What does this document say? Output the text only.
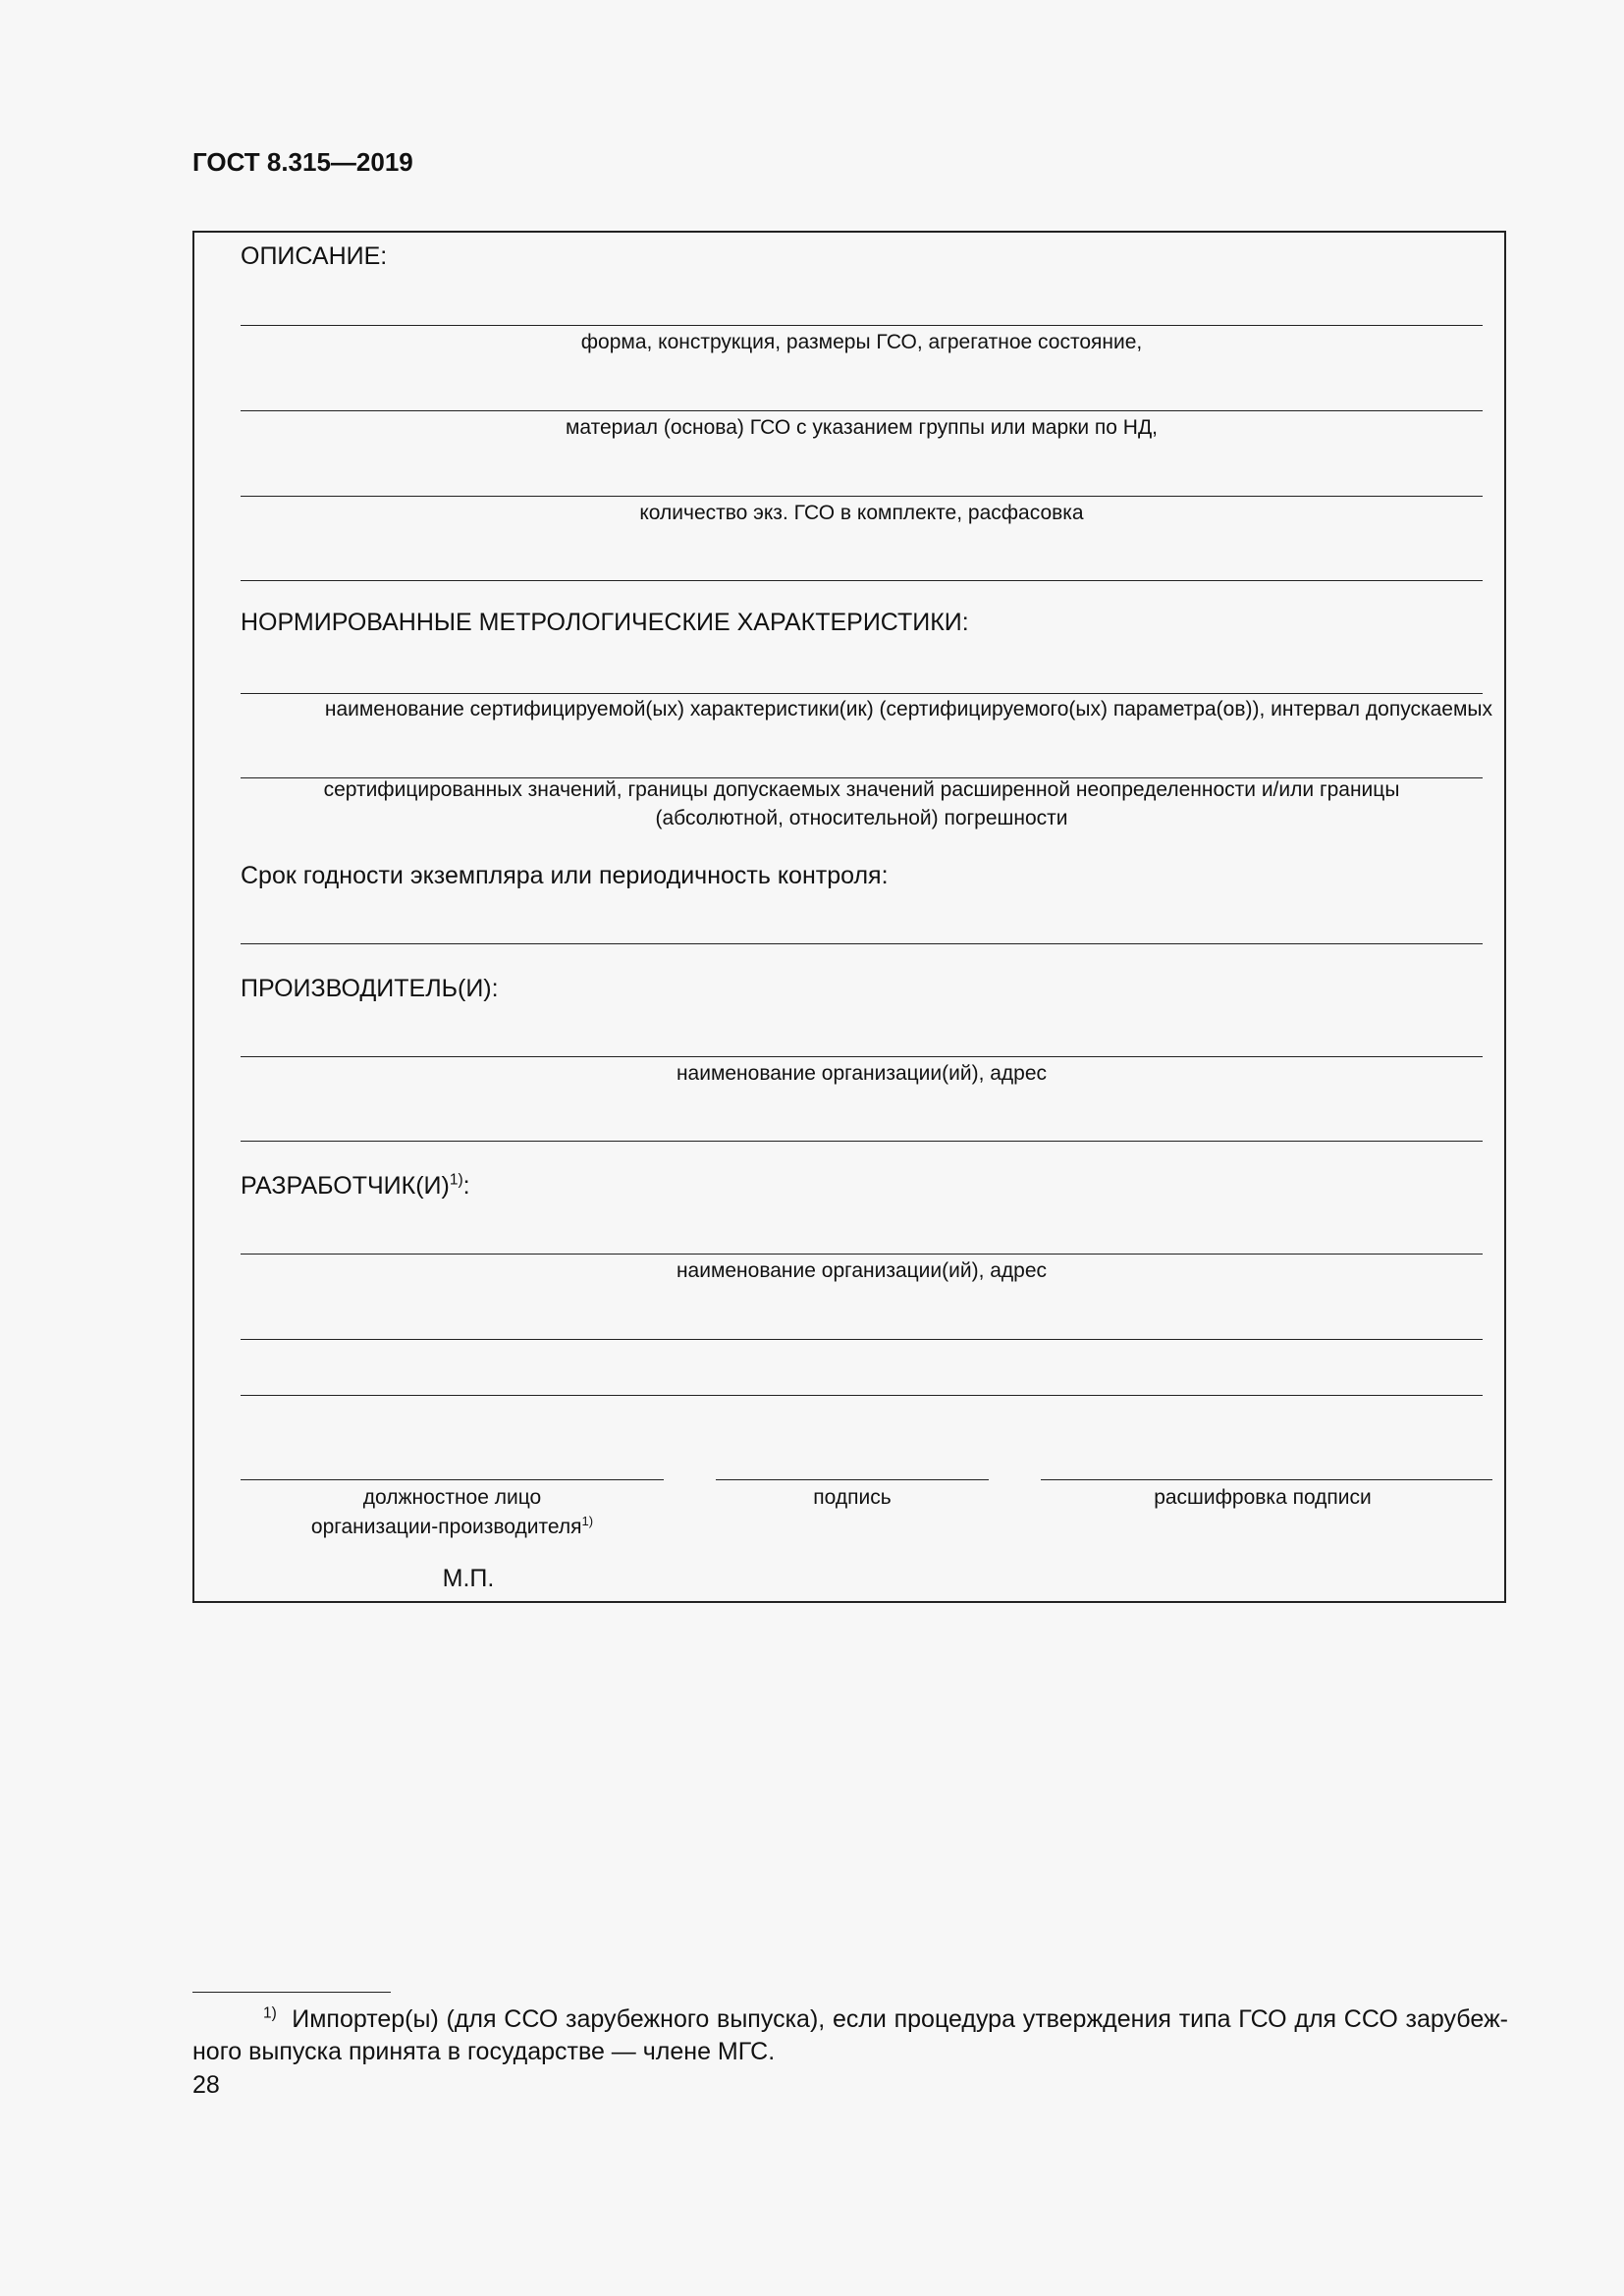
ГОСТ 8.315—2019
ОПИСАНИЕ:
форма, конструкция, размеры ГСО, агрегатное состояние,
материал (основа) ГСО с указанием группы или марки по НД,
количество экз. ГСО в комплекте, расфасовка
НОРМИРОВАННЫЕ МЕТРОЛОГИЧЕСКИЕ ХАРАКТЕРИСТИКИ:
наименование сертифицируемой(ых) характеристики(ик) (сертифицируемого(ых) параметра(ов)), интервал допускаемых
сертифицированных значений, границы допускаемых значений расширенной неопределенности и/или границы
(абсолютной, относительной) погрешности
Срок годности экземпляра или периодичность контроля:
ПРОИЗВОДИТЕЛЬ(И):
наименование организации(ий), адрес
$РАЗРАБОТЧИК(И)^{1)}$:
наименование организации(ий), адрес
должностное лицо
организации-производителя$^{1)}$
подпись	расшифровка подписи
М.П.
$^{1)}$ Импортер(ы) (для ССО зарубежного выпуска), если процедура утверждения типа ГСО для ССО зарубеж-
ного выпуска принята в государстве — члене МГС.
28
